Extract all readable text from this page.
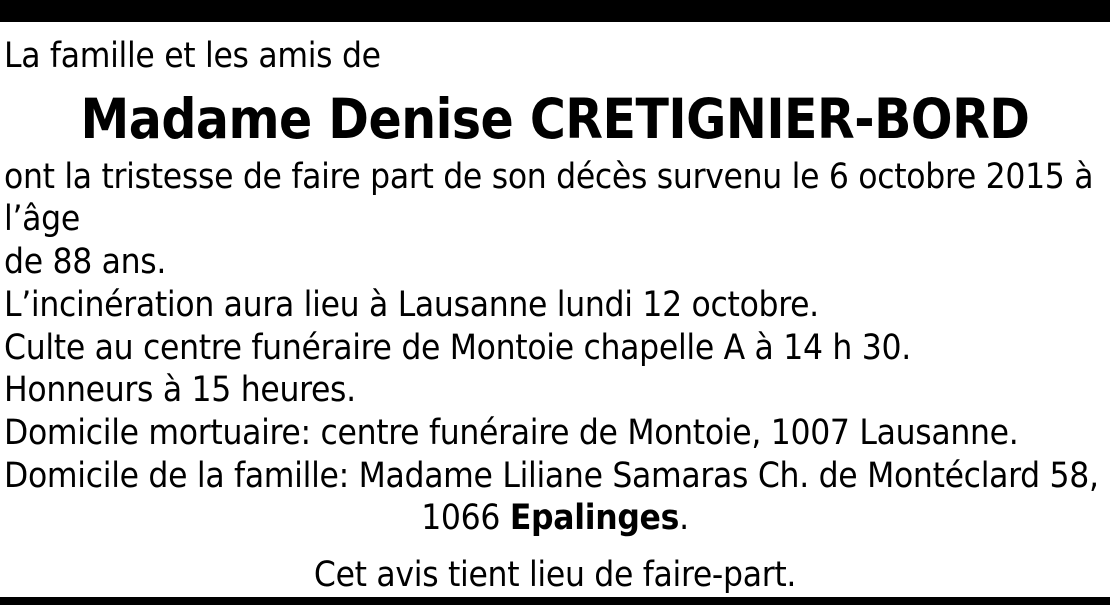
La famille et les amis de
Madame Denise CRETIGNIER-BORD
ont la tristesse de faire part de son décès survenu le 6 octobre 2015 à l’âge
de 88 ans.
L’incinération aura lieu à Lausanne lundi 12 octobre.
Culte au centre funéraire de Montoie chapelle A à 14 h 30.
Honneurs à 15 heures.
Domicile mortuaire: centre funéraire de Montoie, 1007 Lausanne.
Domicile de la famille: Madame Liliane Samaras Ch. de Montéclard 58,
1066 Epalinges.
Cet avis tient lieu de faire-part.
